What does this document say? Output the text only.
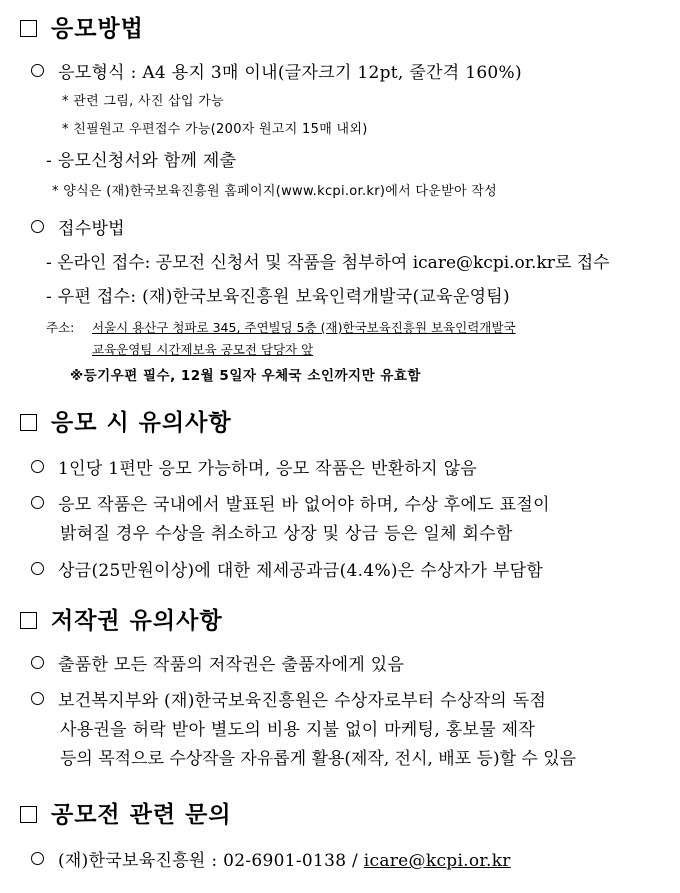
응모방법
응모형식 : A4 용지 3매 이내(글자크기 12pt, 줄간격 160%)
* 관련 그림, 사진 삽입 가능
* 친필원고 우편접수 가능(200자 원고지 15매 내외)
- 응모신청서와 함께 제출
* 양식은 (재)한국보육진흥원 홈페이지(www.kcpi.or.kr)에서 다운받아 작성
접수방법
- 온라인 접수: 공모전 신청서 및 작품을 첨부하여 icare@kcpi.or.kr로 접수
- 우편 접수: (재)한국보육진흥원 보육인력개발국(교육운영팀)
주소: 서울시 용산구 청파로 345, 주연빌딩 5층 (재)한국보육진흥원 보육인력개발국
교육운영팀 시간제보육 공모전 담당자 앞
※등기우편 필수, 12월 5일자 우체국 소인까지만 유효함
응모 시 유의사항
1인당 1편만 응모 가능하며, 응모 작품은 반환하지 않음
응모 작품은 국내에서 발표된 바 없어야 하며, 수상 후에도 표절이
밝혀질 경우 수상을 취소하고 상장 및 상금 등은 일체 회수함
상금(25만원이상)에 대한 제세공과금(4.4%)은 수상자가 부담함
저작권 유의사항
출품한 모든 작품의 저작권은 출품자에게 있음
보건복지부와 (재)한국보육진흥원은 수상자로부터 수상작의 독점
사용권을 허락 받아 별도의 비용 지불 없이 마케팅, 홍보물 제작
등의 목적으로 수상작을 자유롭게 활용(제작, 전시, 배포 등)할 수 있음
공모전 관련 문의
(재)한국보육진흥원 : 02-6901-0138 / icare@kcpi.or.kr
